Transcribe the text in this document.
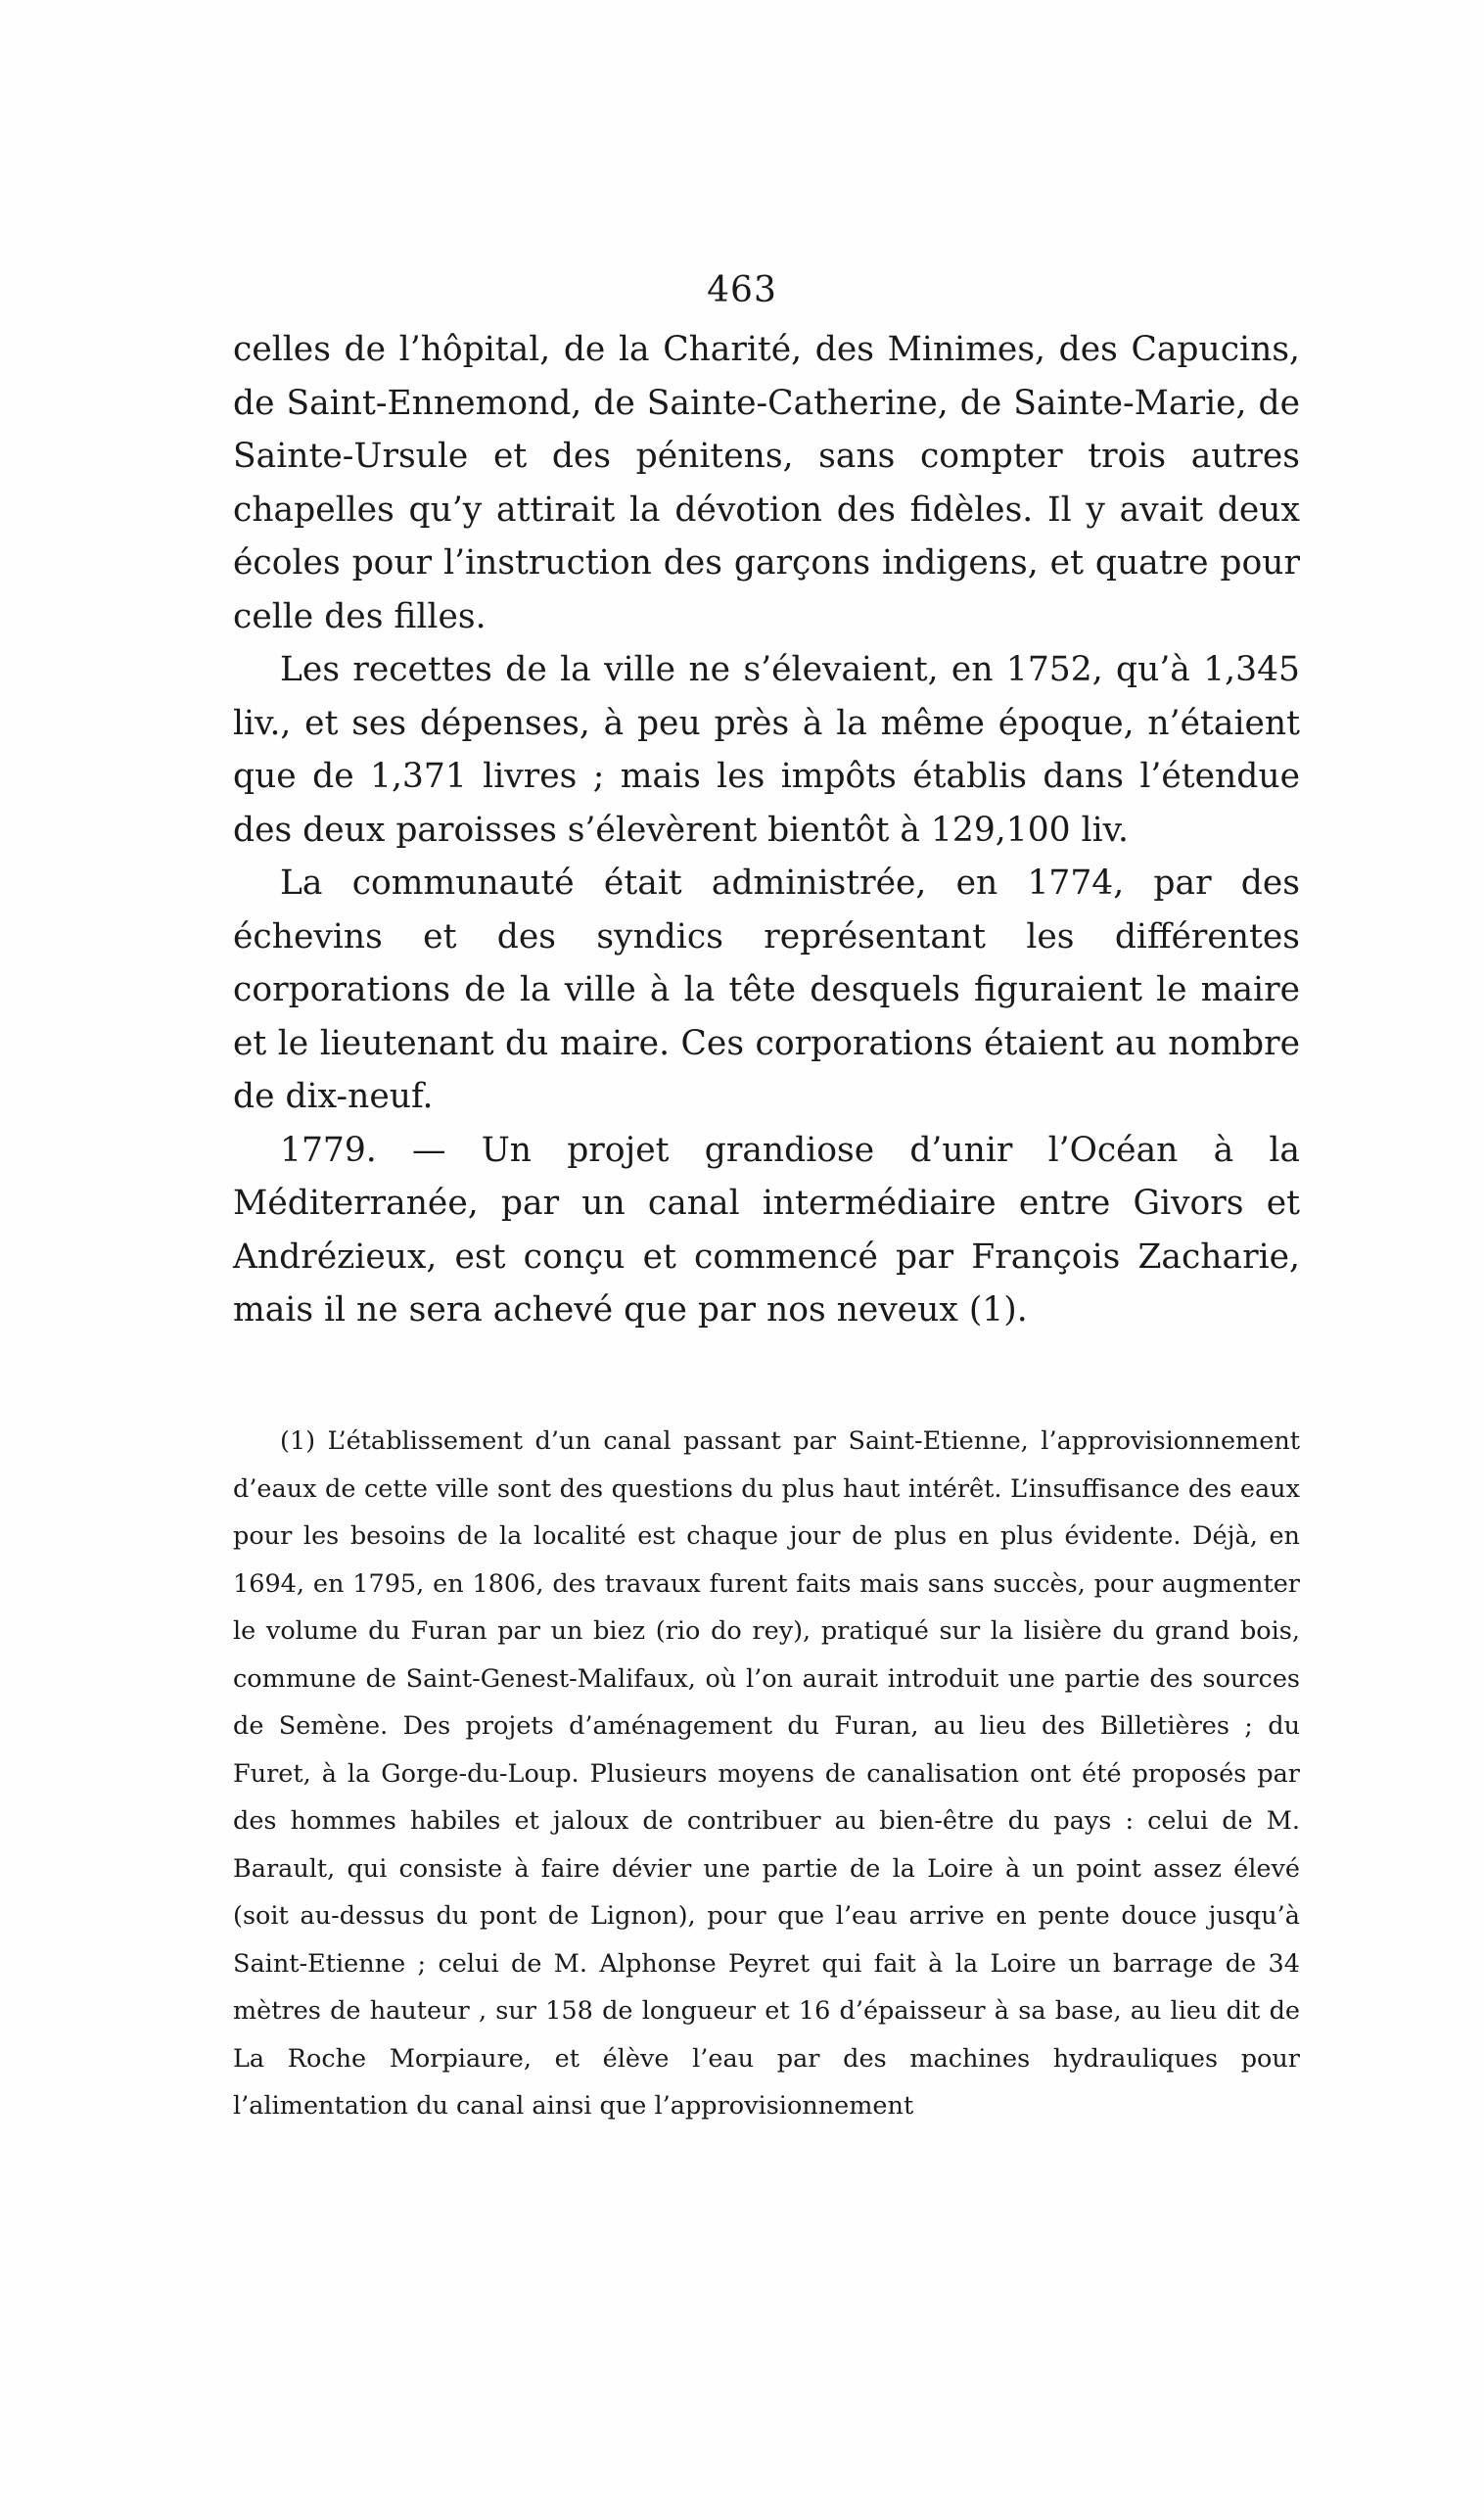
463

celles de l’hôpital, de la Charité, des Minimes, des Capucins, de Saint-Ennemond, de Sainte-Catherine, de Sainte-Marie, de Sainte-Ursule et des pénitens, sans compter trois autres chapelles qu’y attirait la dévotion des fidèles. Il y avait deux écoles pour l’instruction des garçons indigens, et quatre pour celle des filles.

Les recettes de la ville ne s’élevaient, en 1752, qu’à 1,345 liv., et ses dépenses, à peu près à la même époque, n’étaient que de 1,371 livres ; mais les impôts établis dans l’étendue des deux paroisses s’élevèrent bientôt à 129,100 liv.

La communauté était administrée, en 1774, par des échevins et des syndics représentant les différentes corporations de la ville à la tête desquels figuraient le maire et le lieutenant du maire. Ces corporations étaient au nombre de dix-neuf.

1779. — Un projet grandiose d’unir l’Océan à la Méditerranée, par un canal intermédiaire entre Givors et Andrézieux, est conçu et commencé par François Zacharie, mais il ne sera achevé que par nos neveux (1).

(1) L’établissement d’un canal passant par Saint-Etienne, l’approvisionnement d’eaux de cette ville sont des questions du plus haut intérêt. L’insuffisance des eaux pour les besoins de la localité est chaque jour de plus en plus évidente. Déjà, en 1694, en 1795, en 1806, des travaux furent faits mais sans succès, pour augmenter le volume du Furan par un biez (rio do rey), pratiqué sur la lisière du grand bois, commune de Saint-Genest-Malifaux, où l’on aurait introduit une partie des sources de Semène. Des projets d’aménagement du Furan, au lieu des Billetières ; du Furet, à la Gorge-du-Loup. Plusieurs moyens de canalisation ont été proposés par des hommes habiles et jaloux de contribuer au bien-être du pays : celui de M. Barault, qui consiste à faire dévier une partie de la Loire à un point assez élevé (soit au-dessus du pont de Lignon), pour que l’eau arrive en pente douce jusqu’à Saint-Etienne ; celui de M. Alphonse Peyret qui fait à la Loire un barrage de 34 mètres de hauteur , sur 158 de longueur et 16 d’épaisseur à sa base, au lieu dit de La Roche Morpiaure, et élève l’eau par des machines hydrauliques pour l’alimentation du canal ainsi que l’approvisionnement
